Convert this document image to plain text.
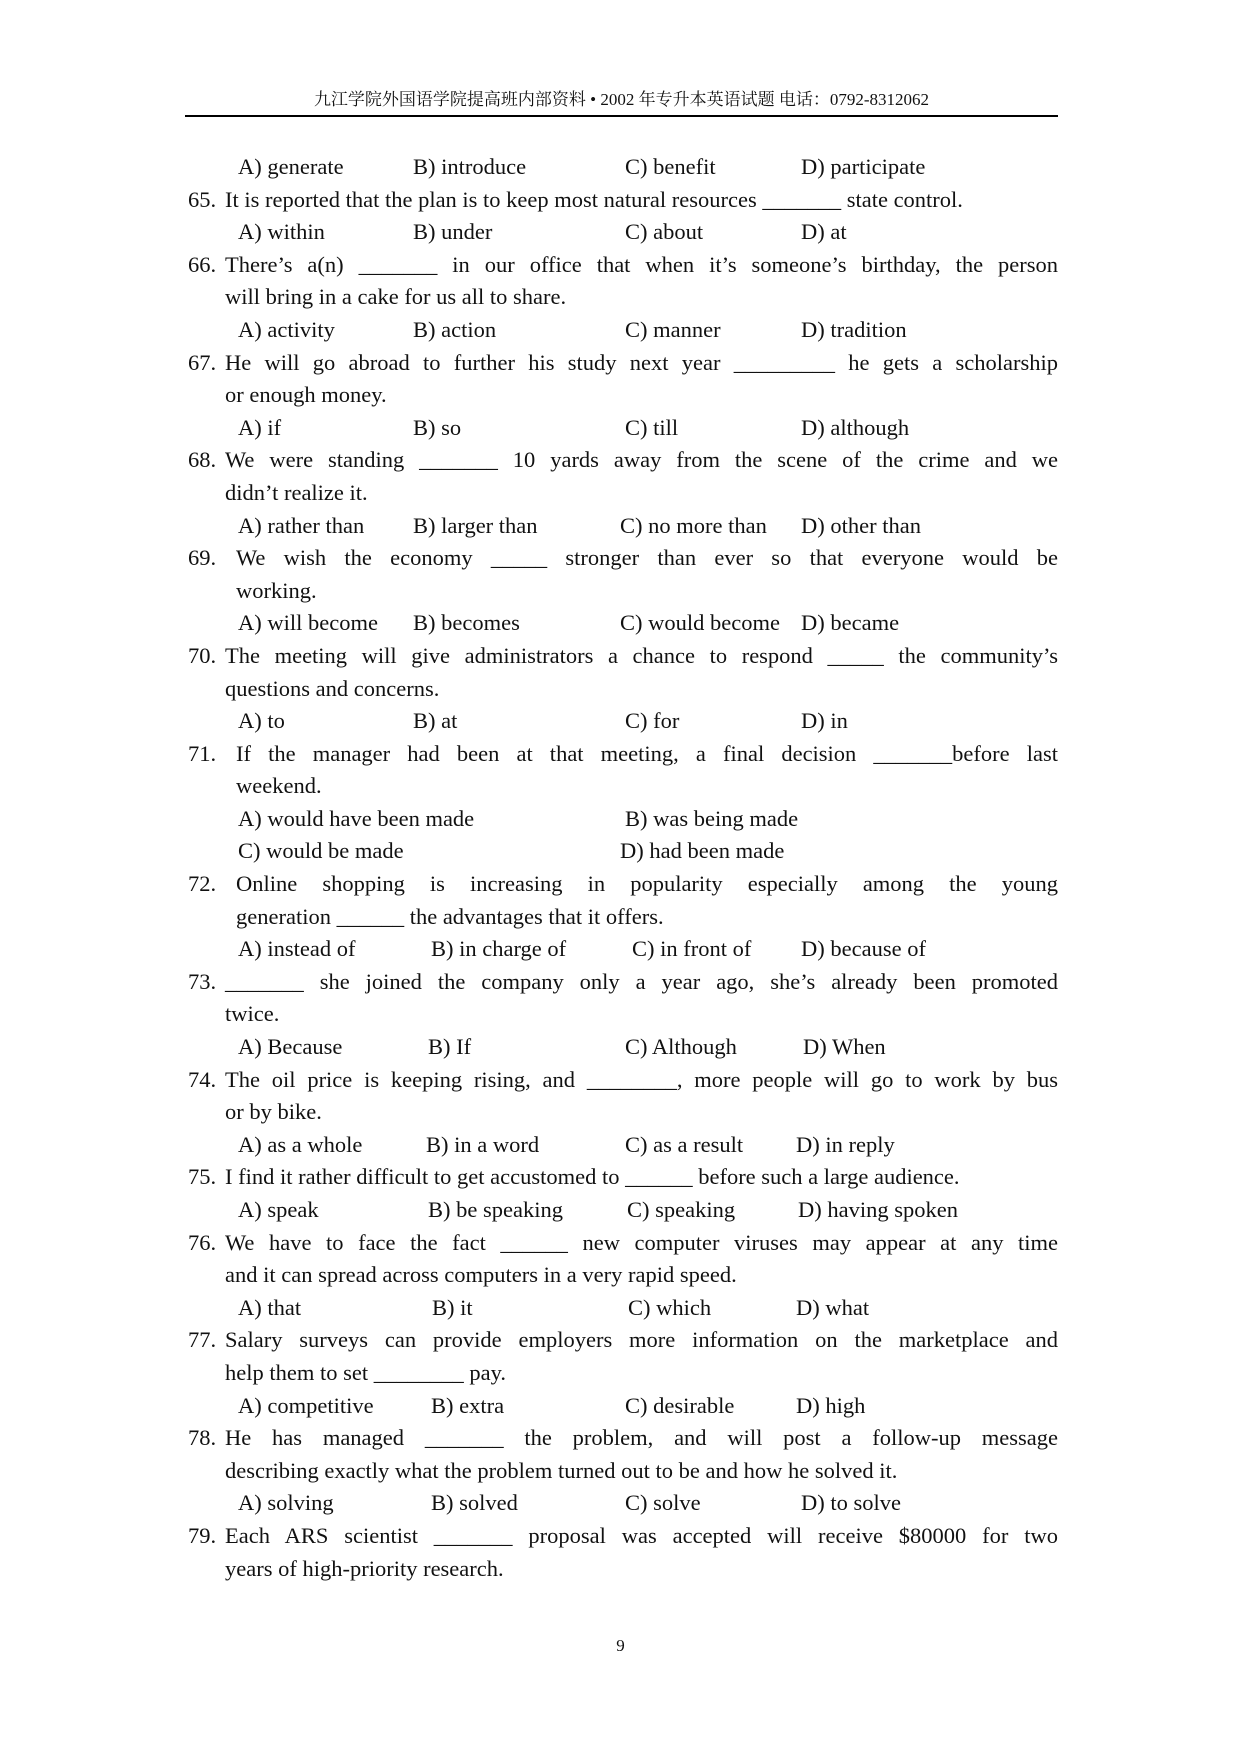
九江学院外国语学院提高班内部资料 • 2002 年专升本英语试题 电话：0792-8312062
A) generate	B) introduce	C) benefit	D) participate
65. It is reported that the plan is to keep most natural resources _______ state control.
A) within	B) under	C) about	D) at
66. There’s a(n) _______ in our office that when it’s someone’s birthday, the person
will bring in a cake for us all to share.
A) activity	B) action	C) manner	D) tradition
67. He will go abroad to further his study next year _________ he gets a scholarship
or enough money.
A) if	B) so	C) till	D) although
68. We were standing _______ 10 yards away from the scene of the crime and we
didn’t realize it.
A) rather than B) larger than	C) no more than D) other than
69. We wish the economy _____ stronger than ever so that everyone would be
working.
A) will become B) becomes	C) would become D) became
70. The meeting will give administrators a chance to respond _____ the community’s
questions and concerns.
A) to	B) at	C) for	D) in
71. If the manager had been at that meeting, a final decision _______before last
weekend.
A) would have been made	B) was being made
C) would be made	D) had been made
72. Online shopping is increasing in popularity especially among the young
generation ______ the advantages that it offers.
A) instead of	B) in charge of	C) in front of D) because of
73. _______ she joined the company only a year ago, she’s already been promoted
twice.
A) Because	B) If	C) Although	D) When
74. The oil price is keeping rising, and ________, more people will go to work by bus
or by bike.
A) as a whole	B) in a word	C) as a result D) in reply
75. I find it rather difficult to get accustomed to ______ before such a large audience.
A) speak	B) be speaking	C) speaking	D) having spoken
76. We have to face the fact ______ new computer viruses may appear at any time
and it can spread across computers in a very rapid speed.
A) that	B) it	C) which	D) what
77. Salary surveys can provide employers more information on the marketplace and
help them to set ________ pay.
A) competitive	B) extra	C) desirable	D) high
78. He has managed _______ the problem, and will post a follow-up message
describing exactly what the problem turned out to be and how he solved it.
A) solving	B) solved	C) solve	D) to solve
79. Each ARS scientist _______ proposal was accepted will receive $80000 for two
years of high-priority research.
9
